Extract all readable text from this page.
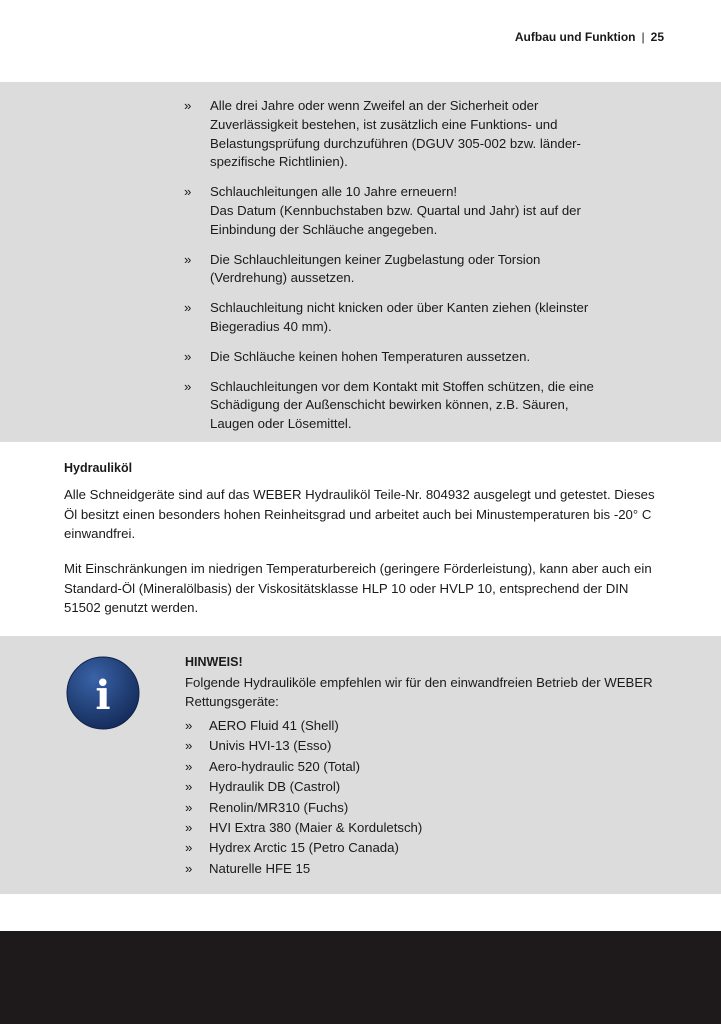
Aufbau und Funktion | 25
» Alle drei Jahre oder wenn Zweifel an der Sicherheit oder Zuverlässigkeit bestehen, ist zusätzlich eine Funktions- und Belastungsprüfung durchzuführen (DGUV 305-002 bzw. länder-spezifische Richtlinien).
» Schlauchleitungen alle 10 Jahre erneuern!
Das Datum (Kennbuchstaben bzw. Quartal und Jahr) ist auf der Einbindung der Schläuche angegeben.
» Die Schlauchleitungen keiner Zugbelastung oder Torsion (Verdrehung) aussetzen.
» Schlauchleitung nicht knicken oder über Kanten ziehen (kleinster Biegeradius 40 mm).
» Die Schläuche keinen hohen Temperaturen aussetzen.
» Schlauchleitungen vor dem Kontakt mit Stoffen schützen, die eine Schädigung der Außenschicht bewirken können, z.B. Säuren, Laugen oder Lösemittel.
Hydrauliköl

Alle Schneidgeräte sind auf das WEBER Hydrauliköl Teile-Nr. 804932 ausgelegt und getestet. Dieses Öl besitzt einen besonders hohen Reinheitsgrad und arbeitet auch bei Minustemperaturen bis -20° C einwandfrei.

Mit Einschränkungen im niedrigen Temperaturbereich (geringere Förderleistung), kann aber auch ein Standard-Öl (Mineralölbasis) der Viskositätsklasse HLP 10 oder HVLP 10, entsprechend der DIN 51502 genutzt werden.

i
HINWEIS!

Folgende Hydrauliköle empfehlen wir für den einwandfreien Betrieb der WEBER Rettungsgeräte:

» AERO Fluid 41 (Shell)
» Univis HVI-13 (Esso)
» Aero-hydraulic 520 (Total)
» Hydraulik DB (Castrol)
» Renolin/MR310 (Fuchs)
» HVI Extra 380 (Maier & Korduletsch)
» Hydrex Arctic 15 (Petro Canada)
» Naturelle HFE 15
